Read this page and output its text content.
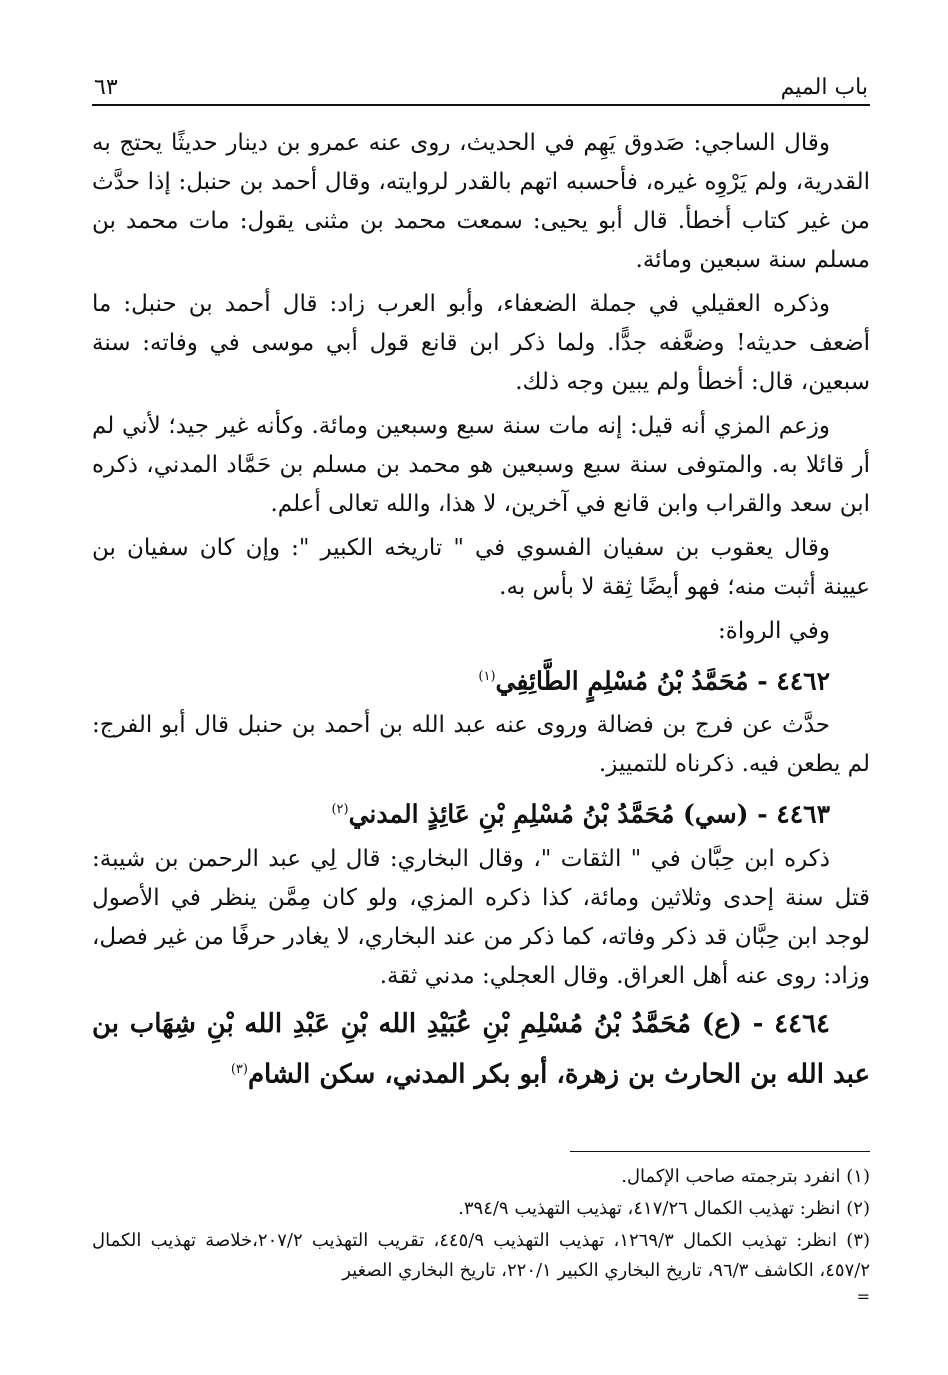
باب الميم
٦٣

وقال الساجي: صَدوق يَهِم في الحديث، روى عنه عمرو بن دينار حديثًا يحتج به القدرية، ولم يَرْوِه غيره، فأحسبه اتهم بالقدر لروايته، وقال أحمد بن حنبل: إذا حدَّث من غير كتاب أخطأ. قال أبو يحيى: سمعت محمد بن مثنى يقول: مات محمد بن مسلم سنة سبعين ومائة.

وذكره العقيلي في جملة الضعفاء، وأبو العرب زاد: قال أحمد بن حنبل: ما أضعف حديثه! وضعَّفه جدًّا. ولما ذكر ابن قانع قول أبي موسى في وفاته: سنة سبعين، قال: أخطأ ولم يبين وجه ذلك.

وزعم المزي أنه قيل: إنه مات سنة سبع وسبعين ومائة. وكأنه غير جيد؛ لأني لم أر قائلا به. والمتوفى سنة سبع وسبعين هو محمد بن مسلم بن حَمَّاد المدني، ذكره ابن سعد والقراب وابن قانع في آخرين، لا هذا، والله تعالى أعلم.

وقال يعقوب بن سفيان الفسوي في " تاريخه الكبير ": وإن كان سفيان بن عيينة أثبت منه؛ فهو أيضًا ثِقة لا بأس به.

وفي الرواة:

٤٤٦٢ - مُحَمَّدُ بْنُ مُسْلِمٍ الطَّائِفِي$^{(١)}$

حدَّث عن فرج بن فضالة وروى عنه عبد الله بن أحمد بن حنبل قال أبو الفرج: لم يطعن فيه. ذكرناه للتمييز.

٤٤٦٣ - (سي) مُحَمَّدُ بْنُ مُسْلِمِ بْنِ عَائِذٍ المدني$^{(٢)}$

ذكره ابن حِبَّان في " الثقات "، وقال البخاري: قال لِي عبد الرحمن بن شيبة: قتل سنة إحدى وثلاثين ومائة، كذا ذكره المزي، ولو كان مِمَّن ينظر في الأصول لوجد ابن حِبَّان قد ذكر وفاته، كما ذكر من عند البخاري، لا يغادر حرفًا من غير فصل، وزاد: روى عنه أهل العراق. وقال العجلي: مدني ثقة.

٤٤٦٤ - (ع) مُحَمَّدُ بْنُ مُسْلِمِ بْنِ عُبَيْدِ الله بْنِ عَبْدِ الله بْنِ شِهَاب بن عبد الله بن الحارث بن زهرة، أبو بكر المدني، سكن الشام$^{(٣)}$

(١) انفرد بترجمته صاحب الإكمال.

(٢) انظر: تهذيب الكمال ٤١٧/٢٦، تهذيب التهذيب ٣٩٤/٩.

(٣) انظر: تهذيب الكمال ١٢٦٩/٣، تهذيب التهذيب ٤٤٥/٩، تقريب التهذيب ٢٠٧/٢،خلاصة تهذيب الكمال ٤٥٧/٢، الكاشف ٩٦/٣، تاريخ البخاري الكبير ٢٢٠/١، تاريخ البخاري الصغير

=
